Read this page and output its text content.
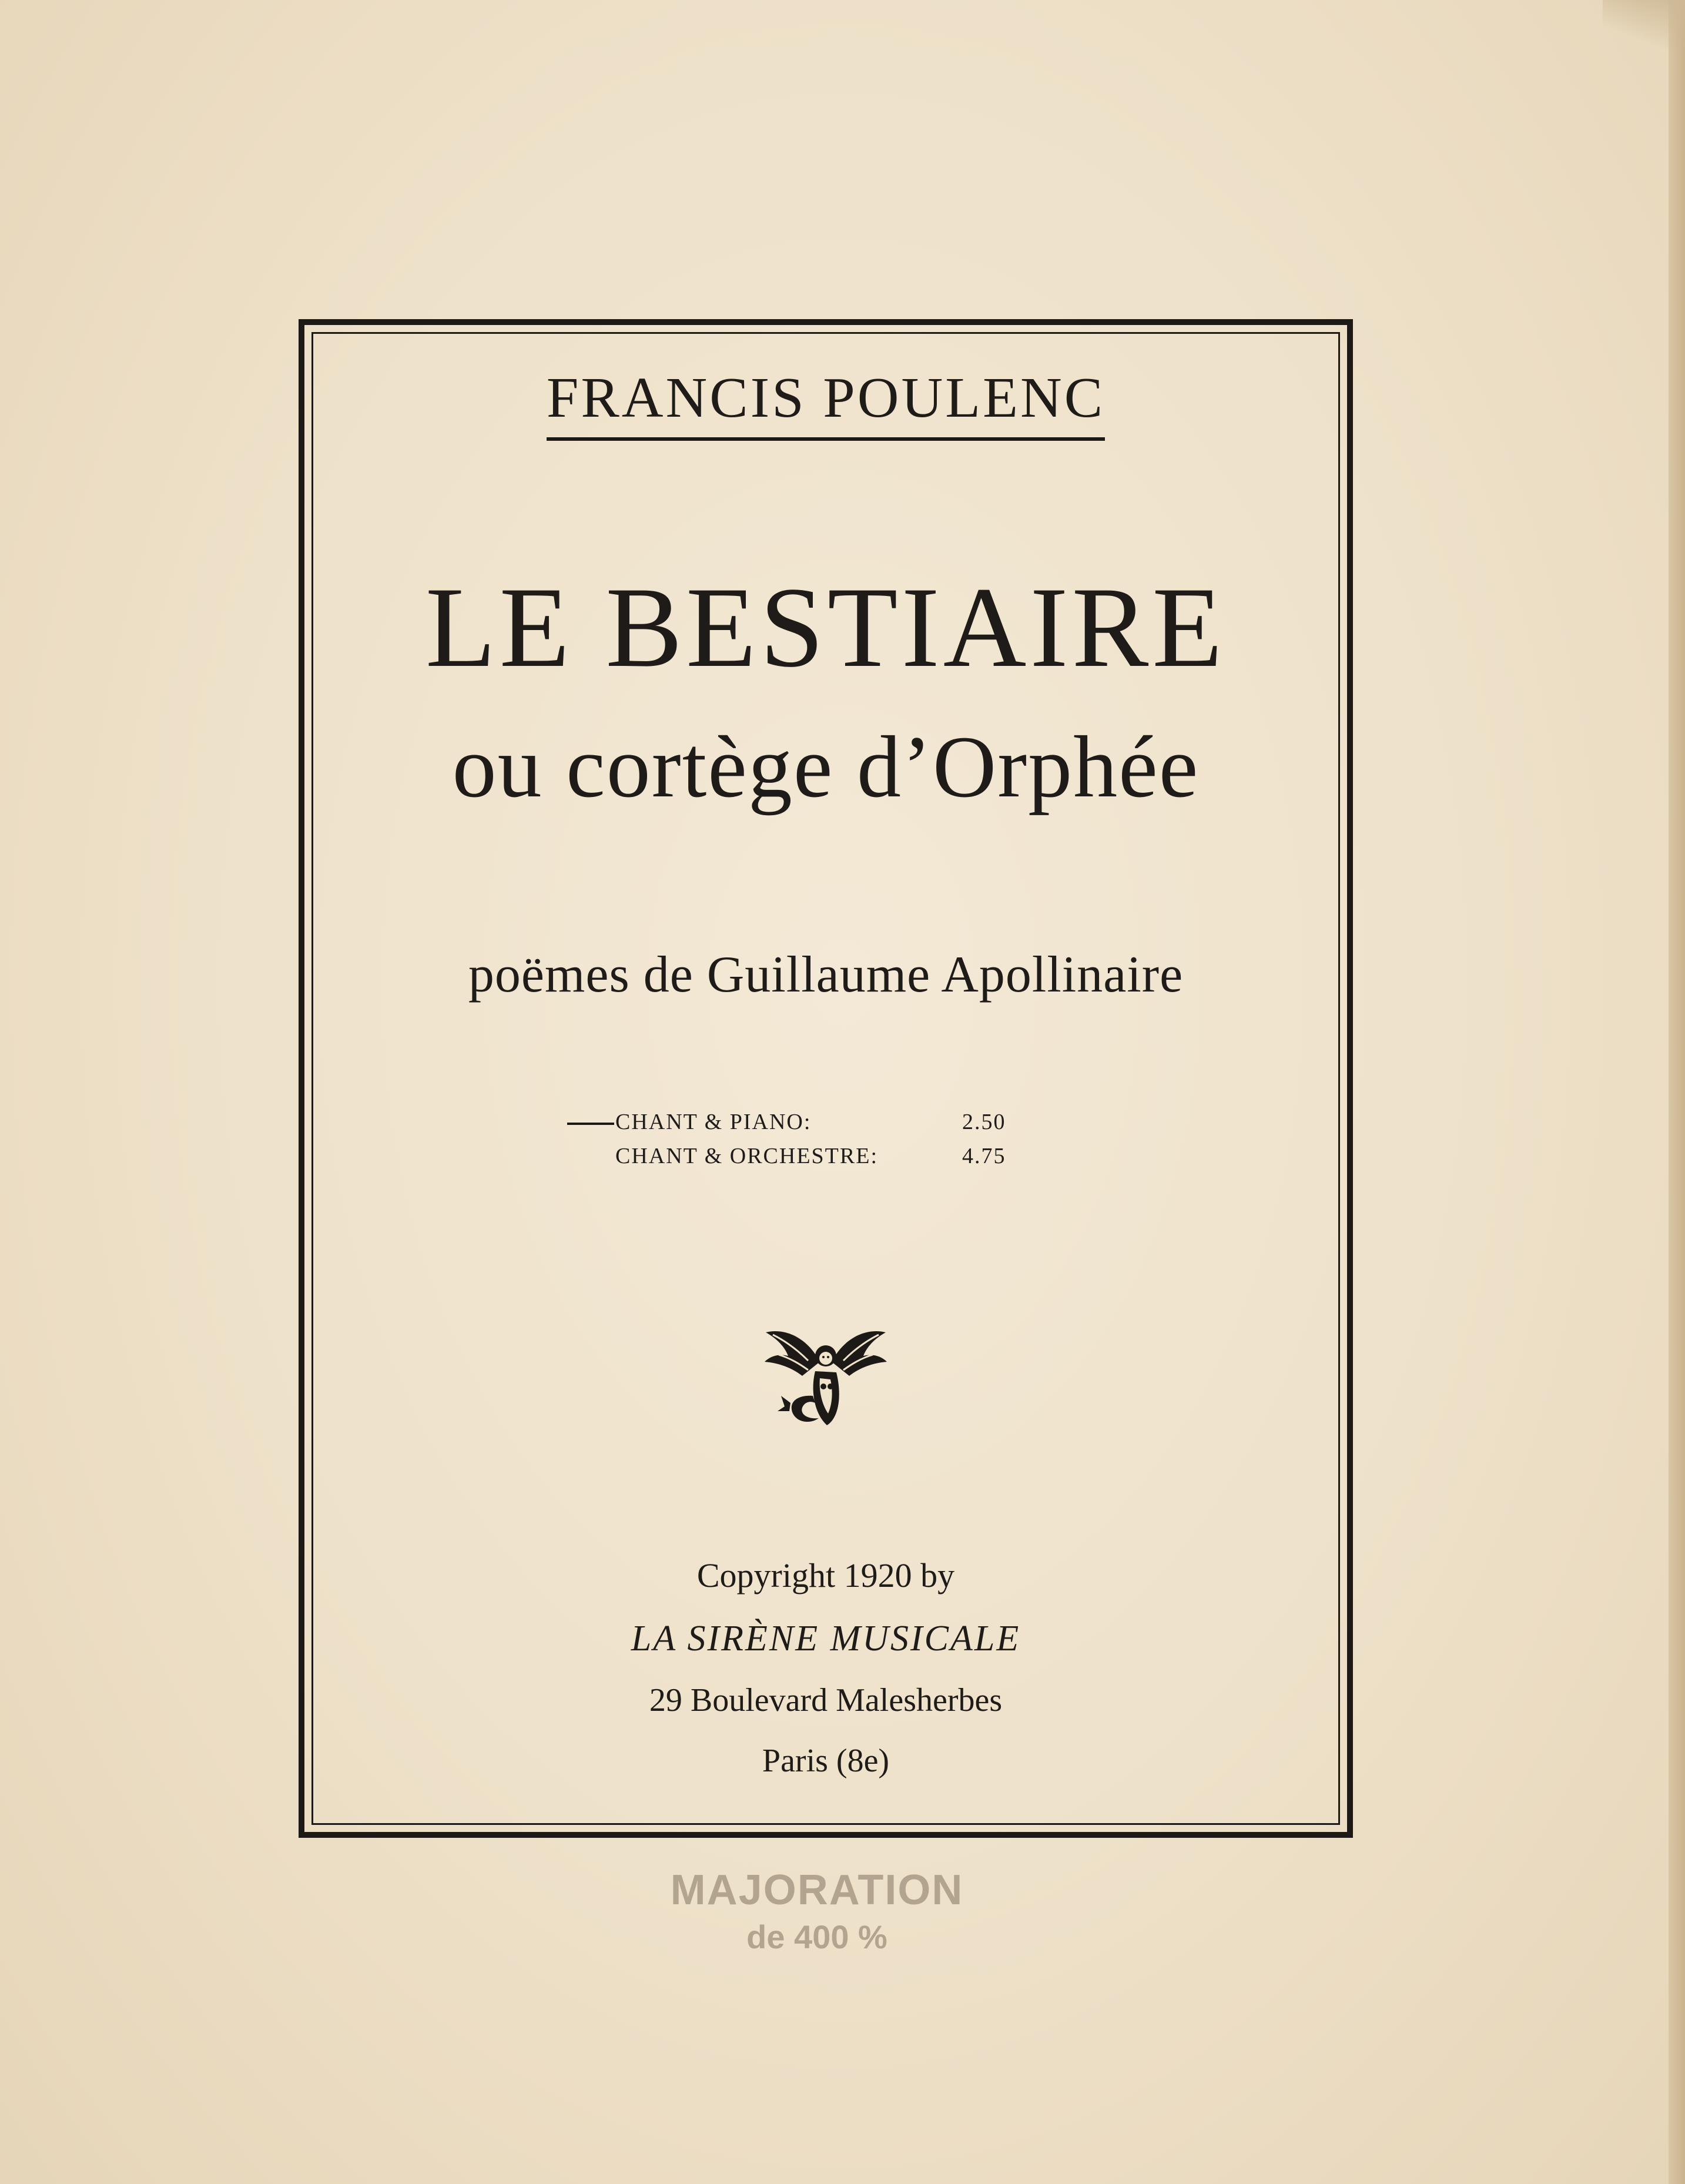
FRANCIS POULENC
LE BESTIAIRE
ou cortège d’Orphée
poëmes de Guillaume Apollinaire
CHANT & PIANO:	2.50
CHANT & ORCHESTRE:	4.75
Copyright 1920 by
LA SIRÈNE MUSICALE
29 Boulevard Malesherbes
Paris (8e)
MAJORATION
de 400 %
